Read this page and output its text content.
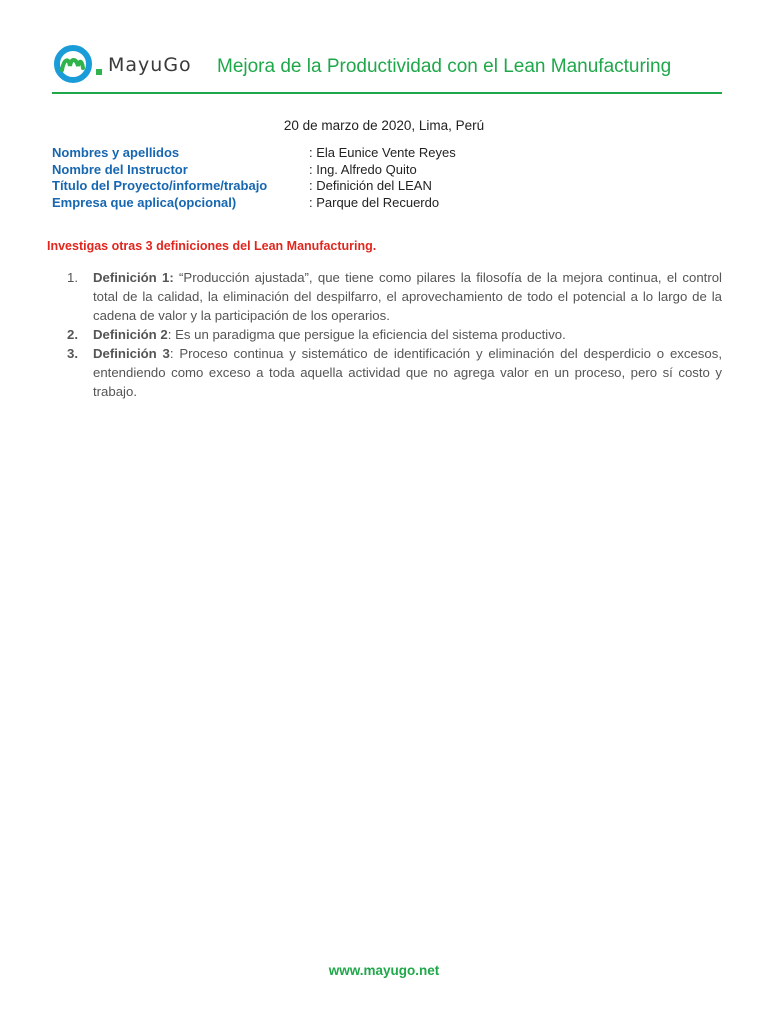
MayuGo Mejora de la Productividad con el Lean Manufacturing
20 de marzo de 2020, Lima, Perú
Nombres y apellidos	: Ela Eunice Vente Reyes
Nombre del Instructor	: Ing. Alfredo Quito
Título del Proyecto/informe/trabajo	: Definición del LEAN
Empresa que aplica(opcional)	: Parque del Recuerdo
Investigas otras 3 definiciones del Lean Manufacturing.
1. Definición 1: “Producción ajustada”, que tiene como pilares la filosofía de la mejora continua, el control total de la calidad, la eliminación del despilfarro, el aprovechamiento de todo el potencial a lo largo de la cadena de valor y la participación de los operarios.
2. Definición 2: Es un paradigma que persigue la eficiencia del sistema productivo.
3. Definición 3: Proceso continua y sistemático de identificación y eliminación del desperdicio o excesos, entendiendo como exceso a toda aquella actividad que no agrega valor en un proceso, pero sí costo y trabajo.
www.mayugo.net
